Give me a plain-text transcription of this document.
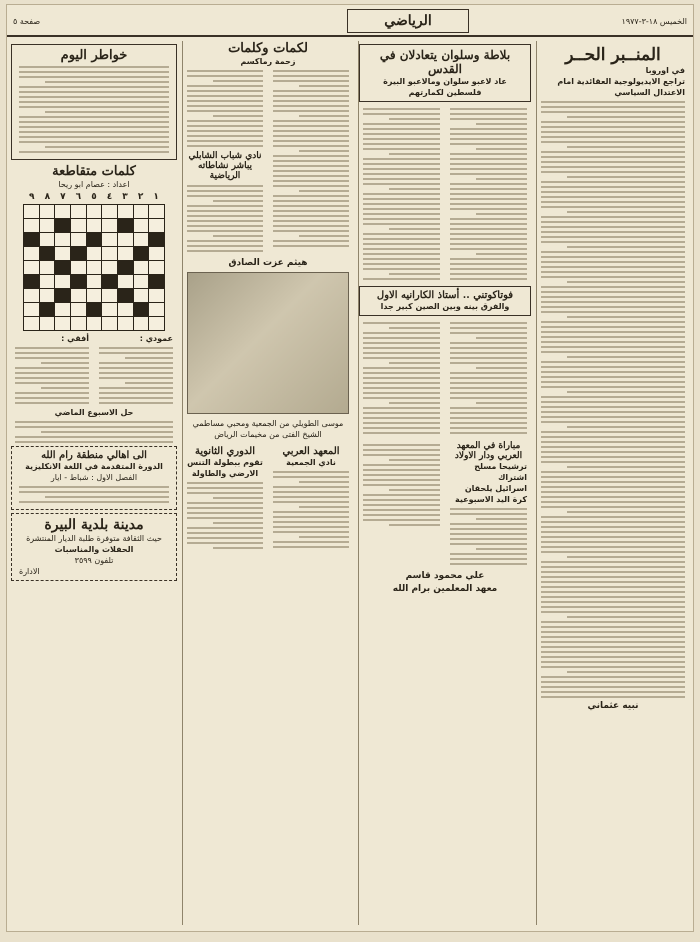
الخميس ١٨-٣-١٩٧٧
الرياضي
صفحة ٥
المنــبر الحــر
في اوروبا
تراجع الايديولوجية العقائدية امام الاعتدال السياسي
نبيه عثماني
بلاطة وسلوان يتعادلان في القدس
عاد لاعبو سلوان ومالاعبو البيرة فلسطين لكمارتهم
فوتاكوتني .. أستاذ الكارانيه الاول
والفرق بينه وبين الصين كبير جدا
مباراة في المعهد العربي ودار الاولاد
ترشيحا مسلح اشتراك
اسرائيل يلحقان كرة اليد الاسبوعية
علي محمود قاسم
معهد المعلمين برام الله
لكمات وكلمات
زحمة رماكسم
نادي شباب الشابلي يباشر نشاطاته الرياضية
هيثم عزت الصادق
موسى الطويلي من الجمعية ومحبي مساطمي الشيخ الفتى من مخيمات الرياض
المعهد العربي
نادي الجمعية
الدوري الثانوية
تقوم ببطولة التنس الارضي والطاولة
خواطر اليوم
كلمات متقاطعة
اعداد : عصام ابو ريحا
٩ ٨ ٧ ٦ ٥ ٤ ٣ ٢ ١
عمودي :
أفقي :
حل الاسبوع الماضي
الى اهالي منطقة رام الله
الدورة المتقدمة في اللغة الانكليزية
الفصل الاول : شباط - ايار
مدينة بلدية البيرة
حيث الثقافة متوفرة طلبة الديار المنتشرة
الحفلات والمناسبات
تلفون ٣٥٩٩
الادارة
